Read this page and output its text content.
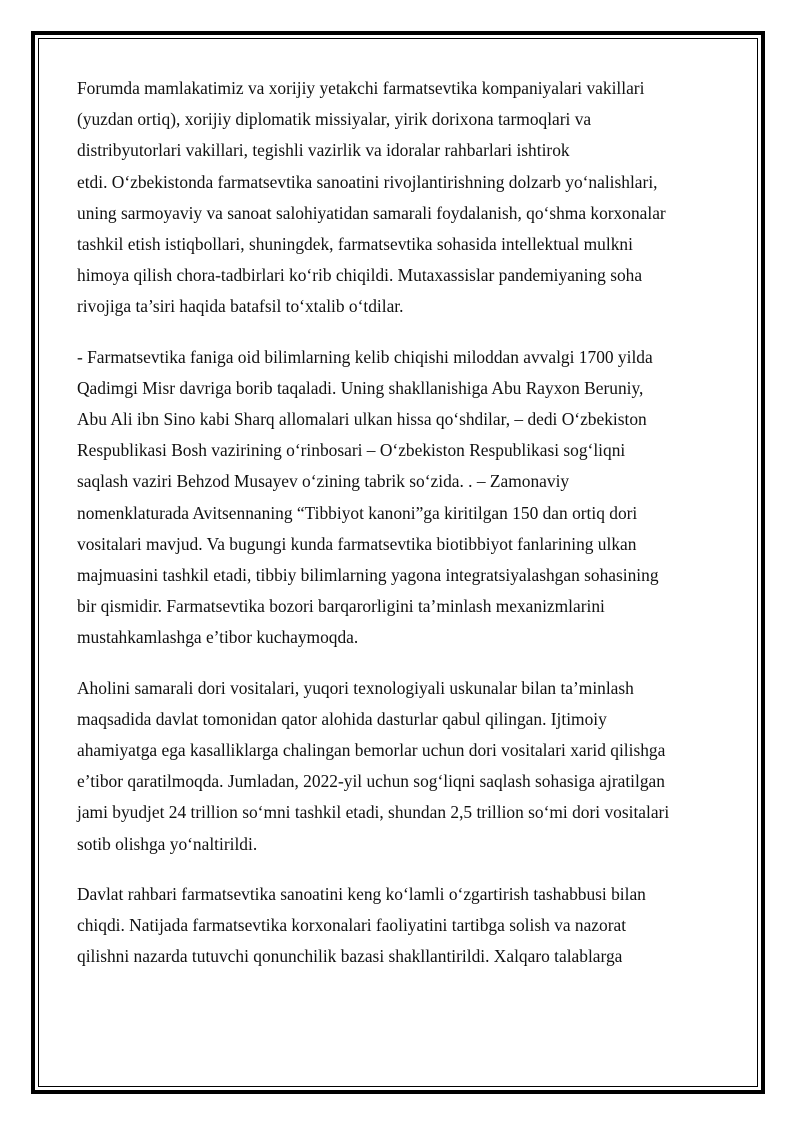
Forumda mamlakatimiz va xorijiy yetakchi farmatsevtika kompaniyalari vakillari
(yuzdan ortiq), xorijiy diplomatik missiyalar, yirik dorixona tarmoqlari va
distribyutorlari vakillari, tegishli vazirlik va idoralar rahbarlari ishtirok
etdi. O‘zbekistonda farmatsevtika sanoatini rivojlantirishning dolzarb yo‘nalishlari,
uning sarmoyaviy va sanoat salohiyatidan samarali foydalanish, qo‘shma korxonalar
tashkil etish istiqbollari, shuningdek, farmatsevtika sohasida intellektual mulkni
himoya qilish chora-tadbirlari ko‘rib chiqildi. Mutaxassislar pandemiyaning soha
rivojiga ta’siri haqida batafsil to‘xtalib o‘tdilar.

- Farmatsevtika faniga oid bilimlarning kelib chiqishi miloddan avvalgi 1700 yilda
Qadimgi Misr davriga borib taqaladi. Uning shakllanishiga Abu Rayxon Beruniy,
Abu Ali ibn Sino kabi Sharq allomalari ulkan hissa qo‘shdilar, – dedi O‘zbekiston
Respublikasi Bosh vazirining o‘rinbosari – O‘zbekiston Respublikasi sog‘liqni
saqlash vaziri Behzod Musayev o‘zining tabrik so‘zida. . – Zamonaviy
nomenklaturada Avitsennaning “Tibbiyot kanoni”ga kiritilgan 150 dan ortiq dori
vositalari mavjud. Va bugungi kunda farmatsevtika biotibbiyot fanlarining ulkan
majmuasini tashkil etadi, tibbiy bilimlarning yagona integratsiyalashgan sohasining
bir qismidir. Farmatsevtika bozori barqarorligini ta’minlash mexanizmlarini
mustahkamlashga e’tibor kuchaymoqda.

Aholini samarali dori vositalari, yuqori texnologiyali uskunalar bilan ta’minlash
maqsadida davlat tomonidan qator alohida dasturlar qabul qilingan. Ijtimoiy
ahamiyatga ega kasalliklarga chalingan bemorlar uchun dori vositalari xarid qilishga
e’tibor qaratilmoqda. Jumladan, 2022-yil uchun sog‘liqni saqlash sohasiga ajratilgan
jami byudjet 24 trillion so‘mni tashkil etadi, shundan 2,5 trillion so‘mi dori vositalari
sotib olishga yo‘naltirildi.

Davlat rahbari farmatsevtika sanoatini keng ko‘lamli o‘zgartirish tashabbusi bilan
chiqdi. Natijada farmatsevtika korxonalari faoliyatini tartibga solish va nazorat
qilishni nazarda tutuvchi qonunchilik bazasi shakllantirildi. Xalqaro talablarga
